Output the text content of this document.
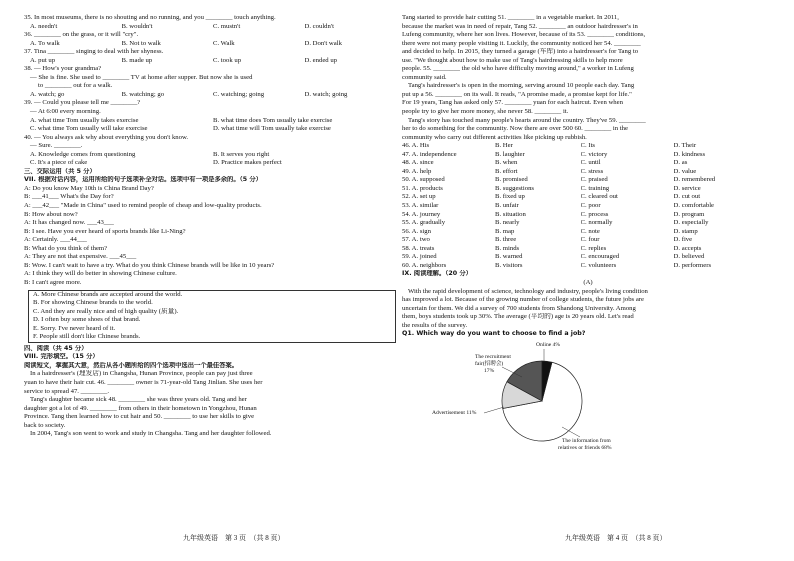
35. In most museums, there is no shouting and no running, and you ________ touch anything.
A. needn't	B. wouldn't	C. mustn't	D. couldn't
36. ________ on the grass, or it will "cry".
A. To walk	B. Not to walk	C. Walk	D. Don't walk
37. Tina ________ singing to deal with her shyness.
A. put up	B. made up	C. took up	D. ended up
38. — How's your grandma?
— She is fine. She used to ________ TV at home after supper. But now she is used
to ________ out for a walk.
A. watch; go	B. watching; go	C. watching; going	D. watch; going
39. — Could you please tell me ________?
— At 6:00 every morning.
A. what time Tom usually takes exercise	B. what time does Tom usually take exercise
C. what time Tom usually will take exercise	D. what time will Tom usually take exercise
40. — You always ask why about everything you don't know.
— Sure. ________.
A. Knowledge comes from questioning	B. It serves you right
C. It's a piece of cake	D. Practice makes perfect
三、交际运用（共 5 分）
VII. 根据对话内容，运用所给的句子选项补全对话。选项中有一项是多余的。（5 分）
A: Do you know May 10th is China Brand Day?
B: ___41___ What's the Day for?
A: ___42___ "Made in China" used to remind people of cheap and low-quality products.
B: How about now?
A: It has changed now. ___43___
B: I see. Have you ever heard of sports brands like Li-Ning?
A: Certainly. ___44___
B: What do you think of them?
A: They are not that expensive. ___45___
B: Wow. I can't wait to have a try. What do you think Chinese brands will be like in 10 years?
A: I think they will do better in showing Chinese culture.
B: I can't agree more.
A. More Chinese brands are accepted around the world.
B. For showing Chinese brands to the world.
C. And they are really nice and of high quality (质量).
D. I often buy some shoes of that brand.
E. Sorry. I've never heard of it.
F. People still don't like Chinese brands.
四、阅读（共 45 分）
VIII. 完形填空。（15 分）
阅读短文，掌握其大意，然后从各小题所给的四个选项中选出一个最佳答案。
In a hairdresser's (理发店) in Changsha, Hunan Province, people can pay just three
yuan to have their hair cut. 46. ________ owner is 71-year-old Tang Jinlian. She uses her
service to spread 47. ________.
Tang's daughter became sick 48. ________ she was three years old. Tang and her
daughter got a lot of 49. ________ from others in their hometown in Yongzhou, Hunan
Province. Tang then learned how to cut hair and 50. ________ to use her skills to give
back to society.
In 2004, Tang's son went to work and study in Changsha. Tang and her daughter followed.
Tang started to provide hair cutting 51. ________ in a vegetable market. In 2011,
because the market was in need of repair, Tang 52. ________ an outdoor hairdresser's in
Lufeng community, where her son lives. However, because of its 53. ________ conditions,
there were not many people visiting it. Luckily, the community noticed her 54. ________
and decided to help. In 2015, they turned a garage (车库) into a hairdresser's for Tang to
use. "We thought about how to make use of Tang's hairdressing skills to help more
people. 55. ________ the old who have difficulty moving around," a worker in Lufeng
community said.
Tang's hairdresser's is open in the morning, serving around 10 people each day. Tang
put up a 56. ________ on its wall. It reads, "A promise made, a promise kept for life."
For 19 years, Tang has asked only 57. ________ yuan for each haircut. Even when
people try to give her more money, she never 58. ________ it.
Tang's story has touched many people's hearts around the country. They've 59. ________
her to do something for the community. Now there are over 500 60. ________ in the
community who carry out different activities like picking up rubbish.
46. A. His	B. Her	C. Its	D. Their
47. A. independence	B. laughter	C. victory	D. kindness
48. A. since	B. when	C. until	D. as
49. A. help	B. effort	C. stress	D. value
50. A. supposed	B. promised	C. praised	D. remembered
51. A. products	B. suggestions	C. training	D. service
52. A. set up	B. fixed up	C. cleared out	D. cut out
53. A. similar	B. unfair	C. poor	D. comfortable
54. A. journey	B. situation	C. process	D. program
55. A. gradually	B. nearly	C. normally	D. especially
56. A. sign	B. map	C. note	D. stamp
57. A. two	B. three	C. four	D. five
58. A. treats	B. minds	C. replies	D. accepts
59. A. joined	B. warned	C. encouraged	D. believed
60. A. neighbors	B. visitors	C. volunteers	D. performers
IX. 阅读理解。（20 分）
(A)
With the rapid development of science, technology and industry, people's living condition
has improved a lot. Because of the growing number of college students, the future jobs are
uncertain for them. We did a survey of 700 students from Shandong University. Among
them, boys students took up 30%. The average (平均的) age is 20 years old. Let's read
the results of the survey.
Q1. Which way do you want to choose to find a job?
Online 4%
The recruitment
fair(招聘会)
17%
Advertisement 11%
The information from
relatives or friends 68%
九年级英语　第 3 页　（共 8 页）	九年级英语　第 4 页　（共 8 页）
